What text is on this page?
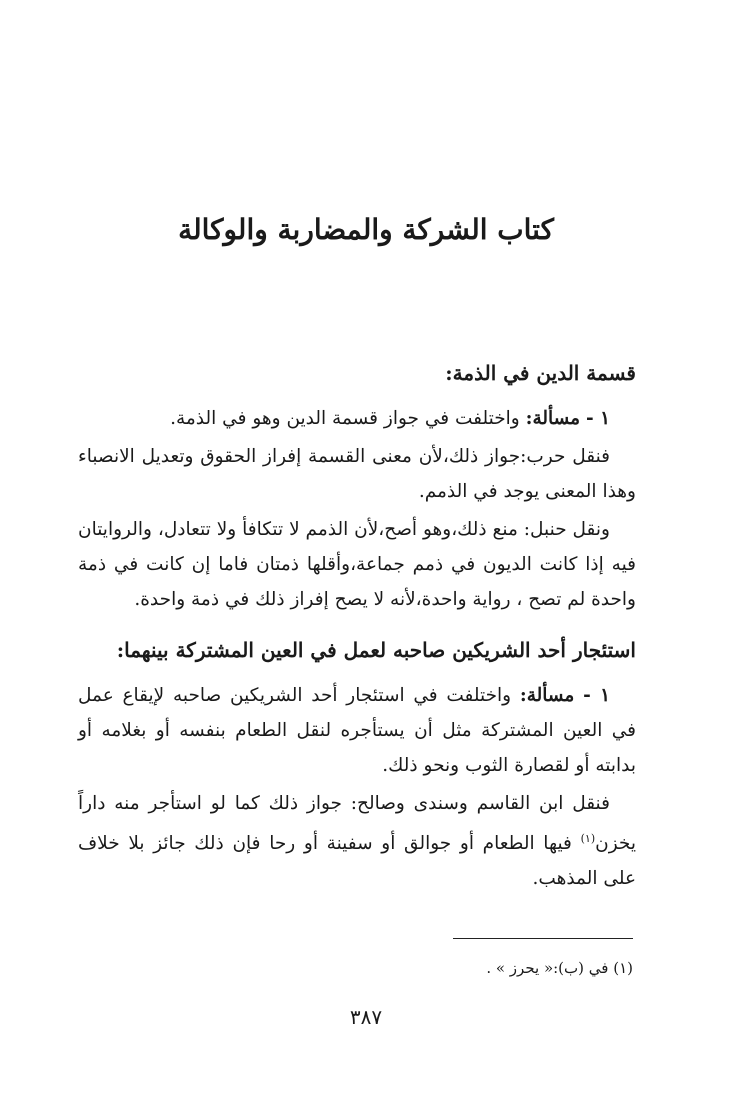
كتاب الشركة والمضاربة والوكالة
قسمة الدين في الذمة:

١ - مسألة: واختلفت في جواز قسمة الدين وهو في الذمة.

فنقل حرب:جواز ذلك،لأن معنى القسمة إفراز الحقوق وتعديل الانصباء وهذا المعنى يوجد في الذمم.

ونقل حنبل: منع ذلك،وهو أصح،لأن الذمم لا تتكافأ ولا تتعادل، والروايتان فيه إذا كانت الديون في ذمم جماعة،وأقلها ذمتان فاما إن كانت في ذمة واحدة لم تصح ، رواية واحدة،لأنه لا يصح إفراز ذلك في ذمة واحدة.

استئجار أحد الشريكين صاحبه لعمل في العين المشتركة بينهما:

١ - مسألة: واختلفت في استئجار أحد الشريكين صاحبه لإيقاع عمل في العين المشتركة مثل أن يستأجره لنقل الطعام بنفسه أو بغلامه أو بدابته أو لقصارة الثوب ونحو ذلك.

فنقل ابن القاسم وسندى وصالح: جواز ذلك كما لو استأجر منه داراً يخزن$^{(١)}$ فيها الطعام أو جوالق أو سفينة أو رحا فإن ذلك جائز بلا خلاف على المذهب.

(١) في (ب):« يحرز » .
٣٨٧
